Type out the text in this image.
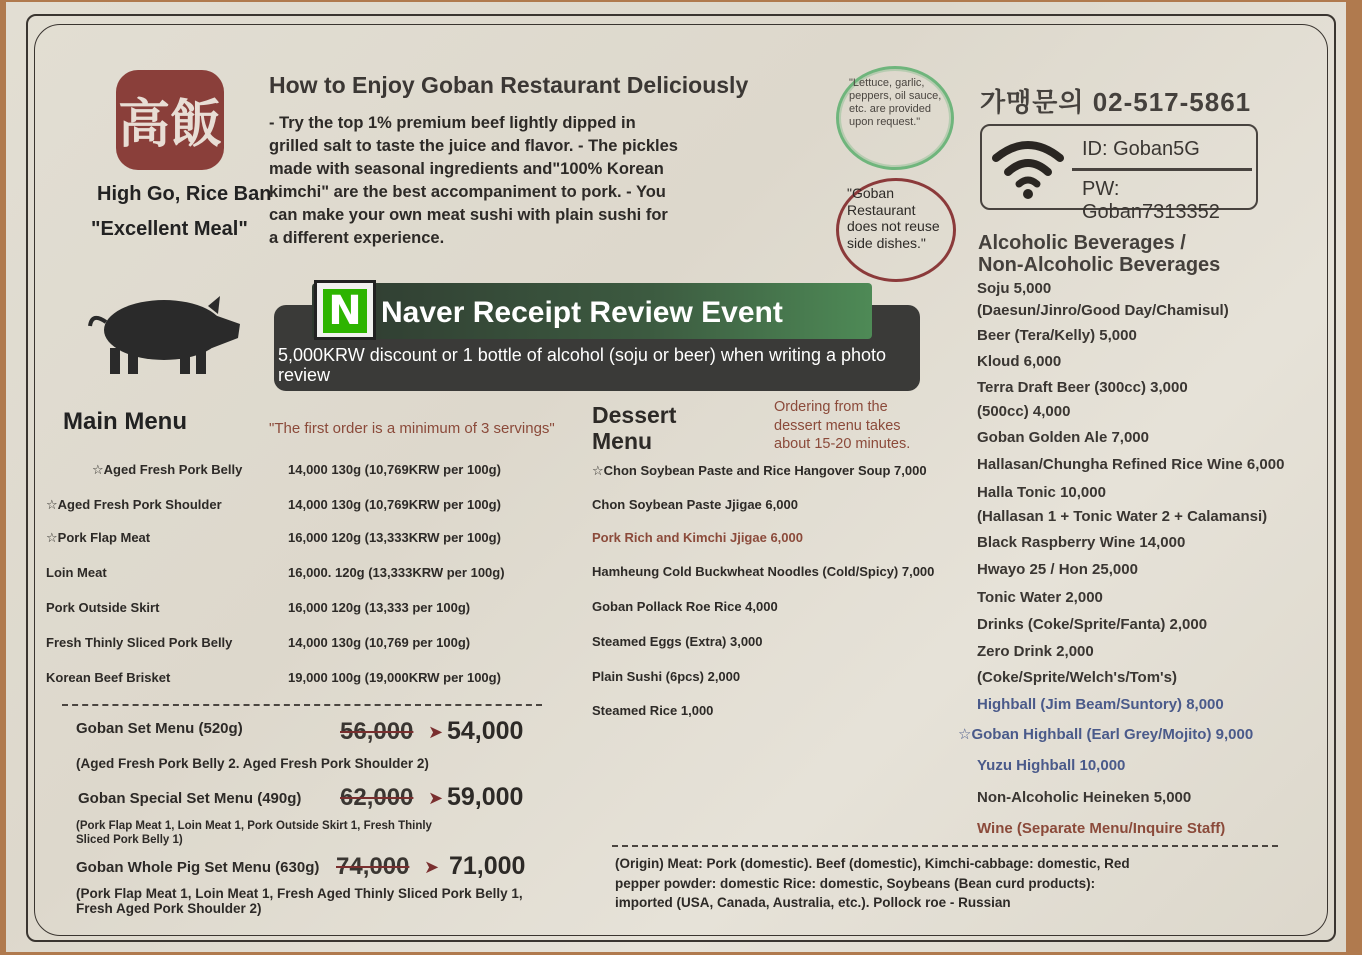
高飯
High Go, Rice Ban
"Excellent Meal"
How to Enjoy Goban Restaurant Deliciously
- Try the top 1% premium beef lightly dipped in grilled salt to taste the juice and flavor. - The pickles made with seasonal ingredients and"100% Korean kimchi" are the best accompaniment to pork. - You can make your own meat sushi with plain sushi for a different experience.
"Lettuce, garlic, peppers, oil sauce, etc. are provided upon request."
"Goban Restaurant does not reuse side dishes."
가맹문의 02-517-5861
ID: Goban5G
PW: Goban7313352
N Naver Receipt Review Event
5,000KRW discount or 1 bottle of alcohol (soju or beer) when writing a photo review
Main Menu	"The first order is a minimum of 3 servings"
☆Aged Fresh Pork Belly	14,000 130g (10,769KRW per 100g)
☆Aged Fresh Pork Shoulder	14,000 130g (10,769KRW per 100g)
☆Pork Flap Meat	16,000 120g (13,333KRW per 100g)
Loin Meat	16,000. 120g (13,333KRW per 100g)
Pork Outside Skirt	16,000 120g (13,333 per 100g)
Fresh Thinly Sliced Pork Belly	14,000 130g (10,769 per 100g)
Korean Beef Brisket	19,000 100g (19,000KRW per 100g)
Goban Set Menu (520g)	56,000 ➤ 54,000
(Aged Fresh Pork Belly 2. Aged Fresh Pork Shoulder 2)
Goban Special Set Menu (490g) 62,000 ➤ 59,000
(Pork Flap Meat 1, Loin Meat 1, Pork Outside Skirt 1, Fresh Thinly Sliced Pork Belly 1)
Goban Whole Pig Set Menu (630g) 74,000 ➤ 71,000
(Pork Flap Meat 1, Loin Meat 1, Fresh Aged Thinly Sliced Pork Belly 1, Fresh Aged Pork Shoulder 2)
Dessert Menu
Ordering from the dessert menu takes about 15-20 minutes.
☆Chon Soybean Paste and Rice Hangover Soup 7,000
Chon Soybean Paste Jjigae 6,000
Pork Rich and Kimchi Jjigae 6,000
Hamheung Cold Buckwheat Noodles (Cold/Spicy) 7,000
Goban Pollack Roe Rice 4,000
Steamed Eggs (Extra) 3,000
Plain Sushi (6pcs) 2,000
Steamed Rice 1,000
Alcoholic Beverages / Non-Alcoholic Beverages
Soju 5,000
(Daesun/Jinro/Good Day/Chamisul)
Beer (Tera/Kelly) 5,000
Kloud 6,000
Terra Draft Beer (300cc) 3,000
(500cc) 4,000
Goban Golden Ale 7,000
Hallasan/Chungha Refined Rice Wine 6,000
Halla Tonic 10,000
(Hallasan 1 + Tonic Water 2 + Calamansi)
Black Raspberry Wine 14,000
Hwayo 25 / Hon 25,000
Tonic Water 2,000
Drinks (Coke/Sprite/Fanta) 2,000
Zero Drink 2,000
(Coke/Sprite/Welch's/Tom's)
Highball (Jim Beam/Suntory) 8,000
☆Goban Highball (Earl Grey/Mojito) 9,000
Yuzu Highball 10,000
Non-Alcoholic Heineken 5,000
Wine (Separate Menu/Inquire Staff)
(Origin) Meat: Pork (domestic). Beef (domestic), Kimchi-cabbage: domestic, Red pepper powder: domestic Rice: domestic, Soybeans (Bean curd products): imported (USA, Canada, Australia, etc.). Pollock roe - Russian
